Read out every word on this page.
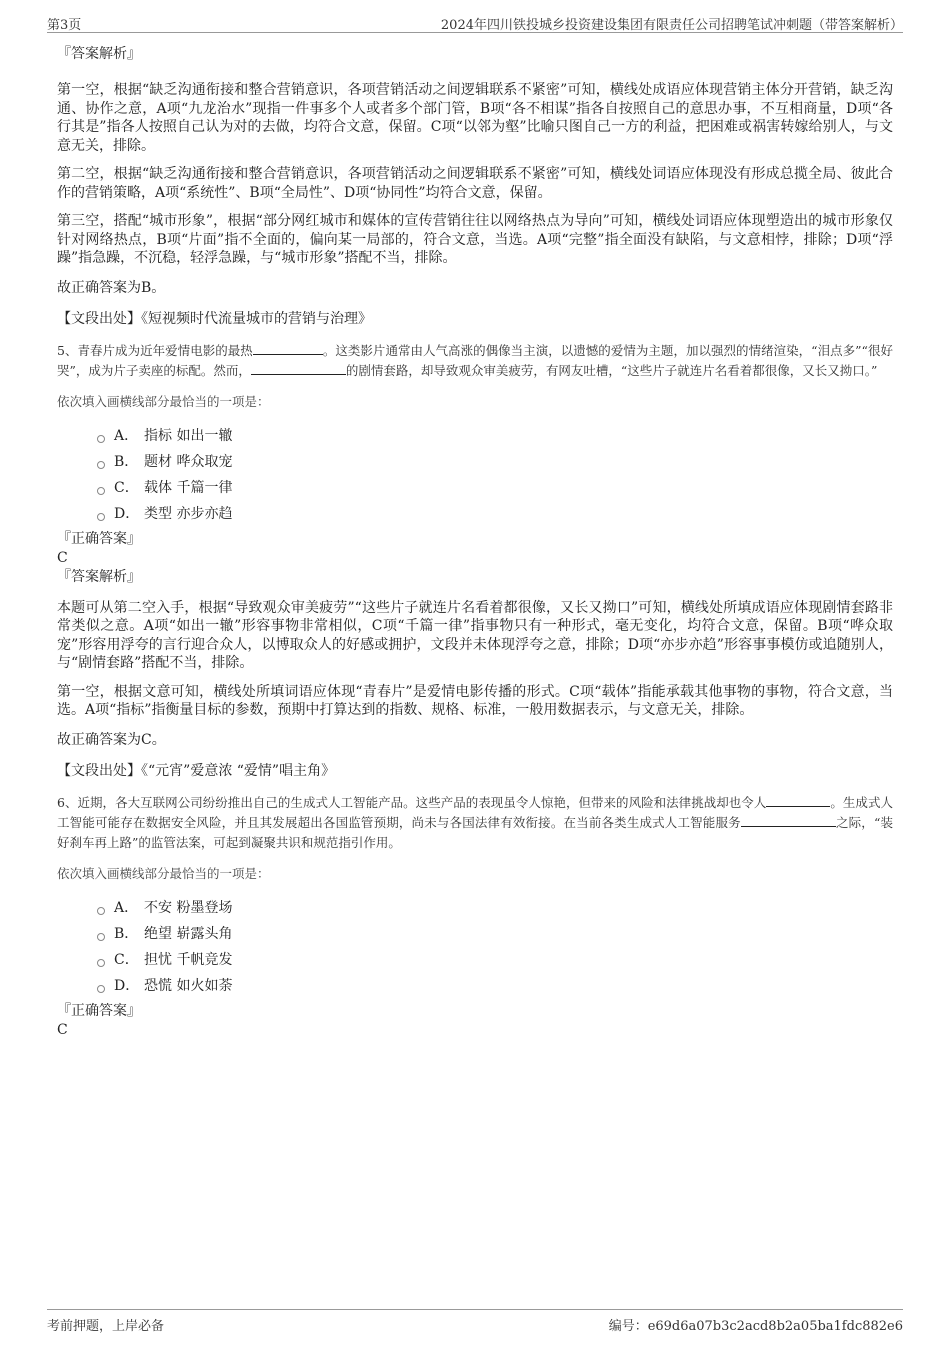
第3页	2024年四川铁投城乡投资建设集团有限责任公司招聘笔试冲刺题（带答案解析）

『答案解析』

第一空，根据“缺乏沟通衔接和整合营销意识，各项营销活动之间逻辑联系不紧密”可知，横线处成语应体现营销主体分开营销，缺乏沟通、协作之意，A项“九龙治水”现指一件事多个人或者多个部门管，B项“各不相谋”指各自按照自己的意思办事，不互相商量，D项“各行其是”指各人按照自己认为对的去做，均符合文意，保留。C项“以邻为壑”比喻只图自己一方的利益，把困难或祸害转嫁给别人，与文意无关，排除。

第二空，根据“缺乏沟通衔接和整合营销意识，各项营销活动之间逻辑联系不紧密”可知，横线处词语应体现没有形成总揽全局、彼此合作的营销策略，A项“系统性”、B项“全局性”、D项“协同性”均符合文意，保留。

第三空，搭配“城市形象”，根据“部分网红城市和媒体的宣传营销往往以网络热点为导向”可知，横线处词语应体现塑造出的城市形象仅针对网络热点，B项“片面”指不全面的，偏向某一局部的，符合文意，当选。A项“完整”指全面没有缺陷，与文意相悖，排除；D项“浮躁”指急躁，不沉稳，轻浮急躁，与“城市形象”搭配不当，排除。

故正确答案为B。

【文段出处】《短视频时代流量城市的营销与治理》

5、青春片成为近年爱情电影的最热	。这类影片通常由人气高涨的偶像当主演，以遗憾的爱情为主题，加以强烈的情绪渲染，“泪点多”“很好哭”，成为片子卖座的标配。然而，	的剧情套路，却导致观众审美疲劳，有网友吐槽，“这些片子就连片名看着都很像，又长又拗口。”

依次填入画横线部分最恰当的一项是：

A． 指标 如出一辙
B． 题材 哗众取宠
C． 载体 千篇一律
D． 类型 亦步亦趋

『正确答案』

C

『答案解析』

本题可从第二空入手，根据“导致观众审美疲劳”“这些片子就连片名看着都很像，又长又拗口”可知，横线处所填成语应体现剧情套路非常类似之意。A项“如出一辙”形容事物非常相似，C项“千篇一律”指事物只有一种形式，毫无变化，均符合文意，保留。B项“哗众取宠”形容用浮夸的言行迎合众人，以博取众人的好感或拥护，文段并未体现浮夸之意，排除；D项“亦步亦趋”形容事事模仿或追随别人，与“剧情套路”搭配不当，排除。

第一空，根据文意可知，横线处所填词语应体现“青春片”是爱情电影传播的形式。C项“载体”指能承载其他事物的事物，符合文意，当选。A项“指标”指衡量目标的参数，预期中打算达到的指数、规格、标准，一般用数据表示，与文意无关，排除。

故正确答案为C。

【文段出处】《“元宵”爱意浓 “爱情”唱主角》

6、近期，各大互联网公司纷纷推出自己的生成式人工智能产品。这些产品的表现虽令人惊艳，但带来的风险和法律挑战却也令人	。生成式人工智能可能存在数据安全风险，并且其发展超出各国监管预期，尚未与各国法律有效衔接。在当前各类生成式人工智能服务	之际，“装好刹车再上路”的监管法案，可起到凝聚共识和规范指引作用。

依次填入画横线部分最恰当的一项是：

A． 不安 粉墨登场
B． 绝望 崭露头角
C． 担忧 千帆竞发
D． 恐慌 如火如荼

『正确答案』

C

考前押题，上岸必备	编号：e69d6a07b3c2acd8b2a05ba1fdc882e6
